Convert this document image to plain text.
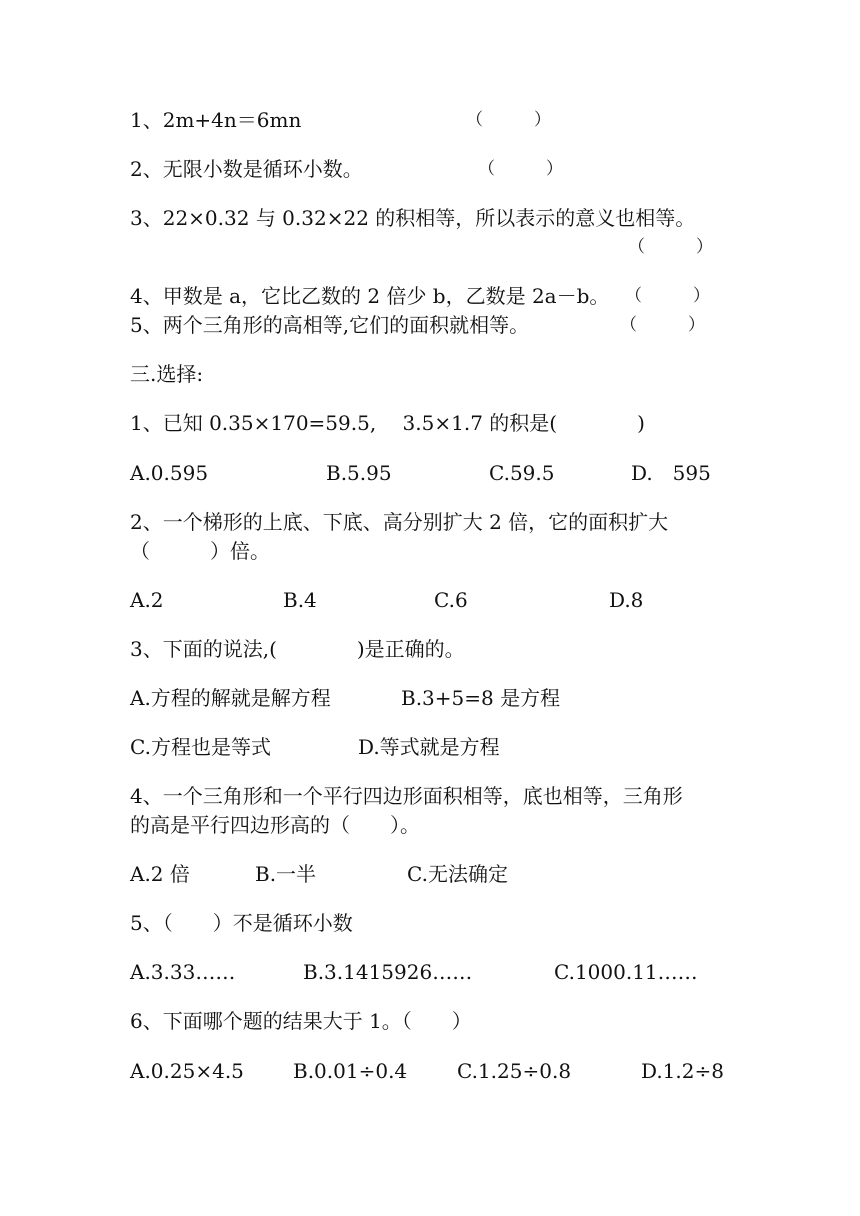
1、2m+4n＝6mn	（　　　）
2、无限小数是循环小数。	（　　　）
3、22×0.32 与 0.32×22 的积相等，所以表示的意义也相等。
（　　　）
4、甲数是 a，它比乙数的 2 倍少 b，乙数是 2a－b。 （　　　）
5、两个三角形的高相等,它们的面积就相等。	（　　　）
三.选择:
1、已知 0.35×170=59.5,　 3.5×1.7 的积是(　　　　)
A.0.595	B.5.95	C.59.5	D.　595
2、一个梯形的上底、下底、高分别扩大 2 倍，它的面积扩大
（　　　）倍。
A.2	B.4	C.6	D.8
3、下面的说法,(　　　　)是正确的。
A.方程的解就是解方程	B.3+5=8 是方程
C.方程也是等式	D.等式就是方程
4、一个三角形和一个平行四边形面积相等，底也相等，三角形
的高是平行四边形高的（　　）。
A.2 倍	B.一半	C.无法确定
5、（　　）不是循环小数
A.3.33……	B.3.1415926……	C.1000.11……
6、下面哪个题的结果大于 1。（　　）
A.0.25×4.5 B.0.01÷0.4 C.1.25÷0.8	D.1.2÷8
